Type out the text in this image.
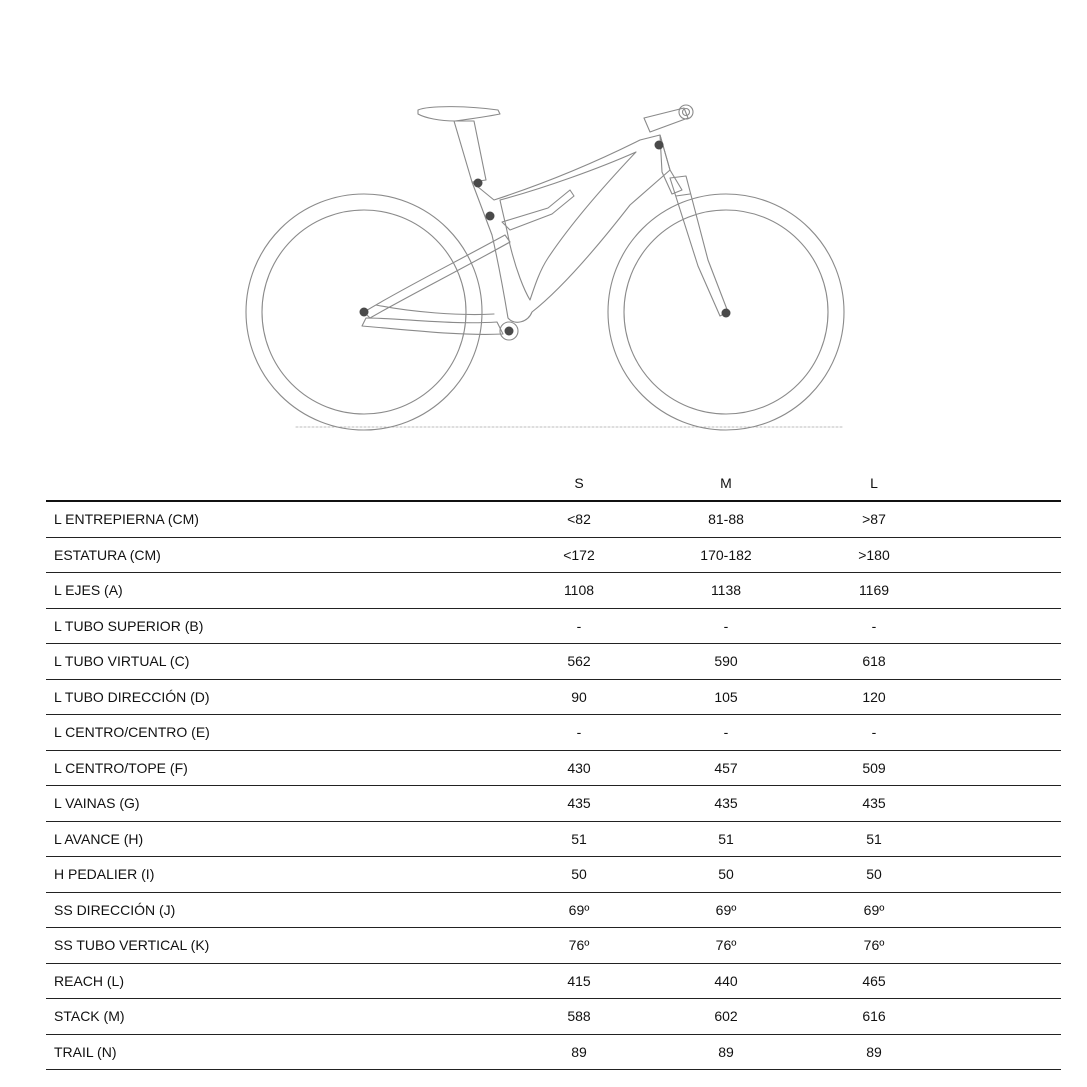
	S	M	L	
L ENTREPIERNA (CM)	<82	81-88	>87	
ESTATURA (CM)	<172	170-182	>180	
L EJES (A)	1108	1138	1169	
L TUBO SUPERIOR (B)	-	-	-	
L TUBO VIRTUAL (C)	562	590	618	
L TUBO DIRECCIÓN (D)	90	105	120	
L CENTRO/CENTRO (E)	-	-	-	
L CENTRO/TOPE (F)	430	457	509	
L VAINAS (G)	435	435	435	
L AVANCE (H)	51	51	51	
H PEDALIER (I)	50	50	50	
SS DIRECCIÓN (J)	69º	69º	69º	
SS TUBO VERTICAL (K)	76º	76º	76º	
REACH (L)	415	440	465	
STACK (M)	588	602	616	
TRAIL (N)	89	89	89	
